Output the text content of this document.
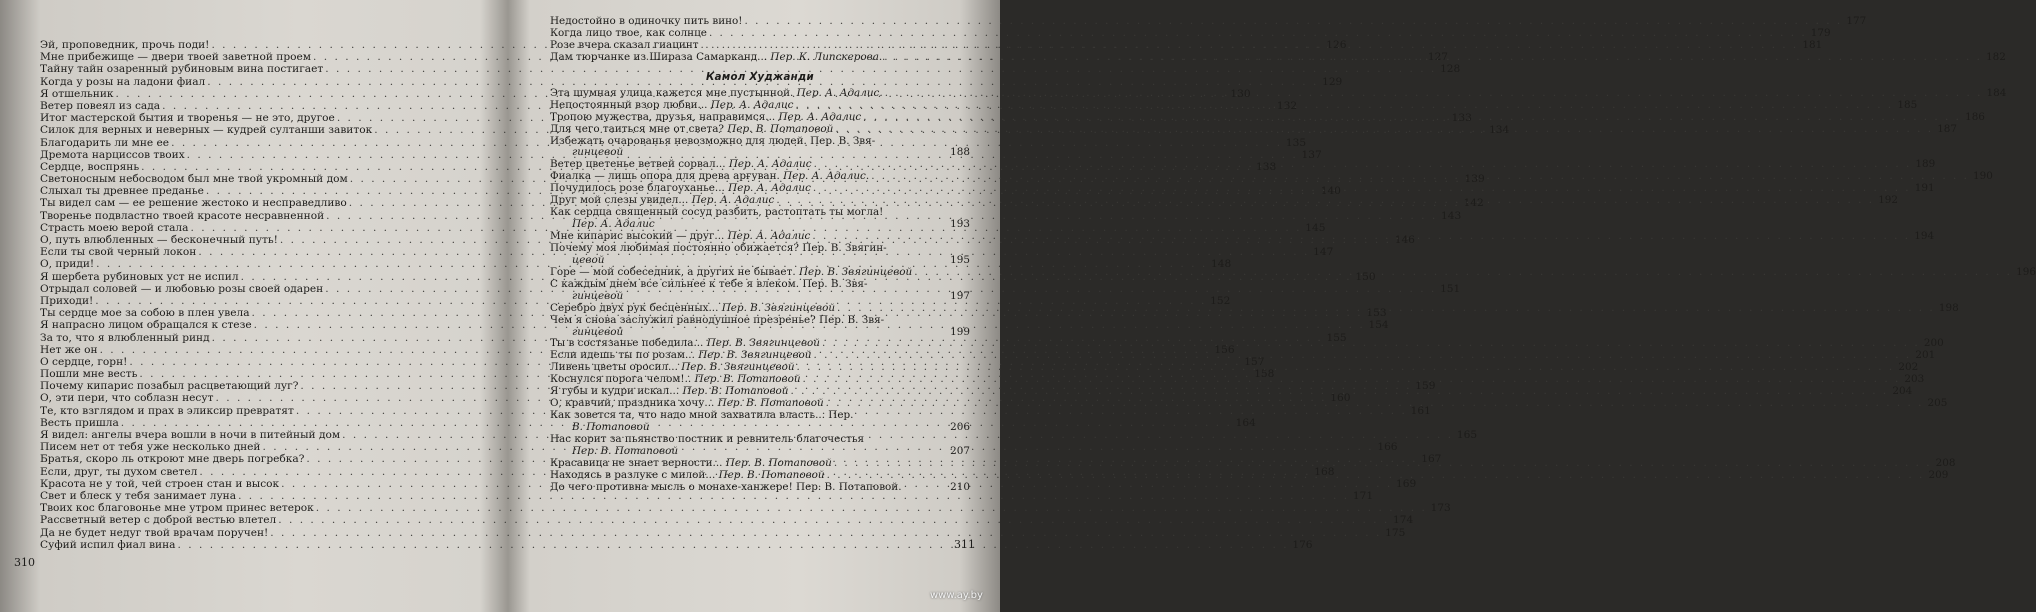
Эй, проповедник, прочь поди! . . .	126
Мне прибежище — двери твоей заветной проем . . .	127
Тайну тайн озаренный рубиновым вина постигает . . .	128
Когда у розы на ладони фиал . . .	129
Я отшельник . . .	130
Ветер повеял из сада . . .	132
Итог мастерской бытия и творенья — не это, другое . . .	133
Силок для верных и неверных — кудрей султанши завиток . . .	134
Благодарить ли мне ее . . .	135
Дремота нарциссов твоих . . .	137
Сердце, воспрянь . . .	138
Светоносным небосводом был мне твой укромный дом . . .	139
Слыхал ты древнее преданье . . .	140
Ты видел сам — ее решение жестоко и несправедливо . . .	142
Творенье подвластно твоей красоте несравненной . . .	143
Страсть моею верой стала . . .	145
О, путь влюбленных — бесконечный путь! . . .	146
Если ты свой черный локон . . .	147
О, приди! . . .	148
Я шербета рубиновых уст не испил . . .	150
Отрыдал соловей — и любовью розы своей одарен . . .	151
Приходи! . . .	152
Ты сердце мое за собою в плен увела . . .	153
Я напрасно лицом обращался к стезе . . .	154
За то, что я влюбленный ринд . . .	155
Нет же он . . .	156
О сердце, горн! . . .	157
Пошли мне весть . . .	158
Почему кипарис позабыл расцветающий луг? . . .	159
О, эти пери, что соблазн несут . . .	160
Те, кто взглядом и прах в эликсир превратят . . .	161
Весть пришла . . .	164
Я видел: ангелы вчера вошли в ночи в питейный дом . . .	165
Писем нет от тебя уже несколько дней . . .	166
Братья, скоро ль откроют мне дверь погребка? . . .	167
Если, друг, ты духом светел . . .	168
Красота не у той, чей строен стан и высок . . .	169
Свет и блеск у тебя занимает луна . . .	171
Твоих кос благовонье мне утром принес ветерок . . .	173
Рассветный ветер с доброй вестью влетел . . .	174
Да не будет недуг твой врачам поручен! . . .	175
Суфий испил фиал вина . . .	176
310
Недостойно в одиночку пить вино! . . .	177
Когда лицо твое, как солнце . . .	179
Розе вчера сказал гиацинт . . .	181
Дам тюрчанке из Шираза Самарканд... Пер. К. Липскерова. . . .	182
Камол Худжанди
Эта шумная улица кажется мне пустынной. Пер. А. Адалис. . . .	184
Непостоянный взор любви... Пер. А. Адалис . . .	185
Тропою мужества, друзья, направимся... Пер. А. Адалис . . .	186
Для чего таиться мне от света? Пер. В. Потаповой . . .	187
Избежать очарованья невозможно для людей. Пер. В. Звя-
гинцевой	188
Ветер цветенье ветвей сорвал... Пер. А. Адалис . . .	189
Фиалка — лишь опора для древа арғуван. Пер. А. Адалис. . . .	190
Почудилось розе благоуханье... Пер. А. Адалис . . .	191
Друг мой слезы увидел... Пер. А. Адалис . . .	192
Как сердца священный сосуд разбить, растоптать ты могла!
Пер. А. Адалис	193
Мне кипарис высокий — друг... Пер. А. Адалис . . .	194
Почему моя любимая постоянно обижается? Пер. В. Звягин-
цевой	195
Горе — мой собеседник, а других не бывает. Пер. В. Звягинцевой . . .	196
С каждым днем все сильнее к тебе я влеком. Пер. В. Звя-
гинцевой	197
Серебро двух рук бесценных... Пер. В. Звягинцевой . . .	198
Чем я снова заслужил равнодушное презренье? Пер. В. Звя-
гинцевой	199
Ты в состязанье победила... Пер. В. Звягинцевой . . .	200
Если идешь ты по розам... Пер. В. Звягинцевой . . .	201
Ливень цветы оросил... Пер. В. Звягинцевой . . .	202
Коснулся порога челом!.. Пер. В. Потаповой . . .	203
Я губы и кудри искал... Пер. В. Потаповой . . .	204
О, кравчий, праздника хочу... Пер. В. Потаповой . . .	205
Как зовется та, что надо мной захватила власть... Пер.
В. Потаповой	206
Нас корит за пьянство постник и ревнитель благочестья
Пер. В. Потаповой	207
Красавица не знает верности... Пер. В. Потаповой . . .	208
Находясь в разлуке с милой... Пер. В. Потаповой . . .	209
До чего противна мысль о монахе-ханжере! Пер. В. Потаповой.	210
311
www.ay.by
